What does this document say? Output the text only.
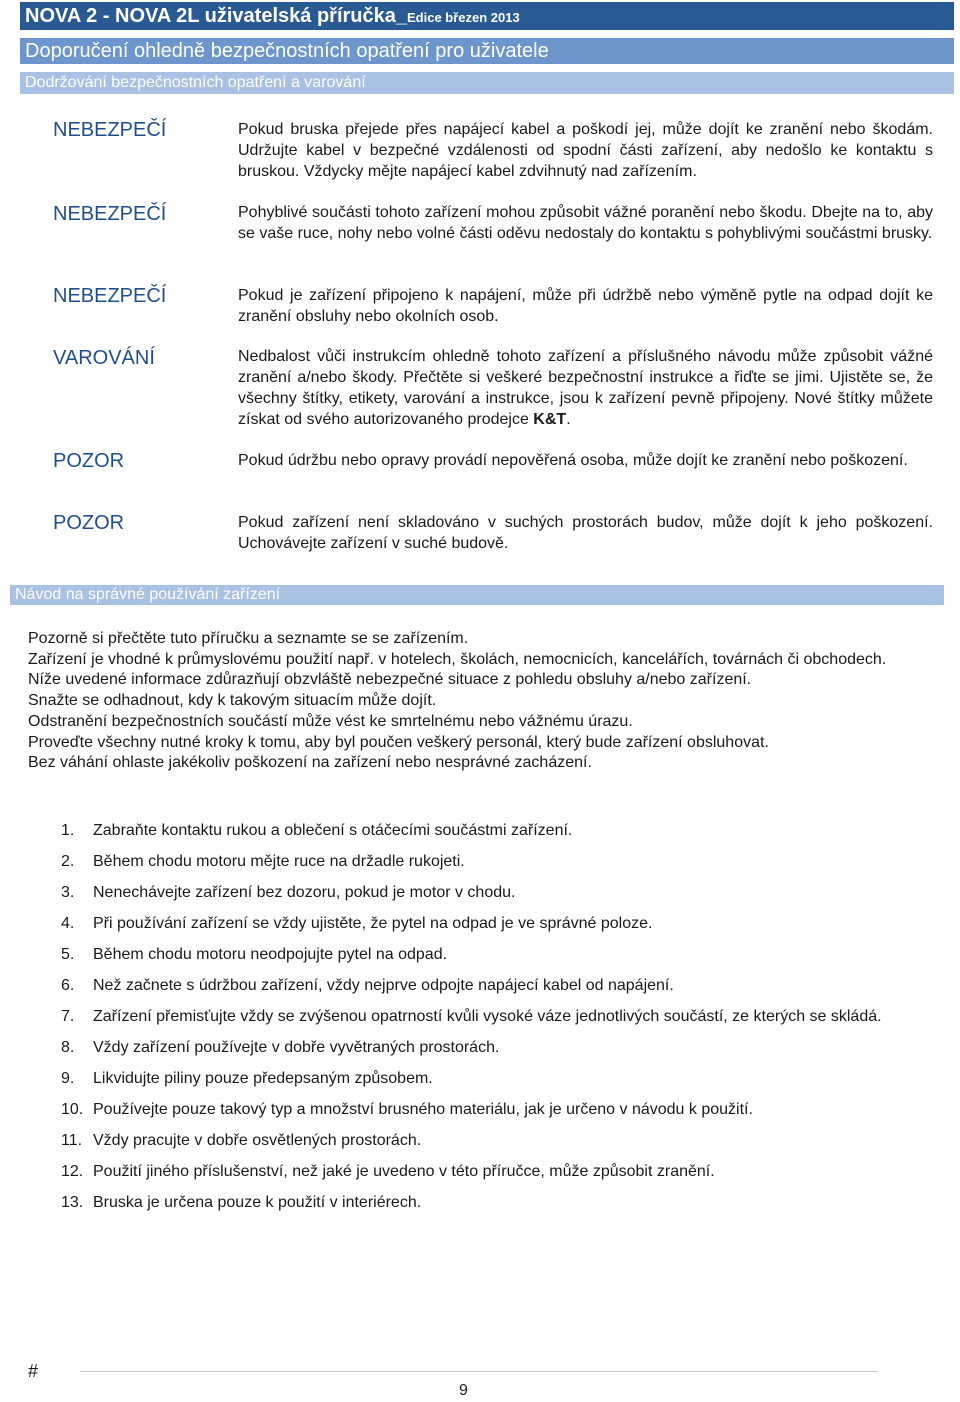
NOVA 2 - NOVA 2L uživatelská příručka_Edice březen 2013
Doporučení ohledně bezpečnostních opatření pro uživatele
Dodržování bezpečnostních opatření a varování
NEBEZPEČÍ	Pokud bruska přejede přes napájecí kabel a poškodí jej, může dojít ke zranění nebo škodám. Udržujte kabel v bezpečné vzdálenosti od spodní části zařízení, aby nedošlo ke kontaktu s bruskou. Vždycky mějte napájecí kabel zdvihnutý nad zařízením.
NEBEZPEČÍ	Pohyblivé součásti tohoto zařízení mohou způsobit vážné poranění nebo škodu. Dbejte na to, aby se vaše ruce, nohy nebo volné části oděvu nedostaly do kontaktu s pohyblivými součástmi brusky.
NEBEZPEČÍ	Pokud je zařízení připojeno k napájení, může při údržbě nebo výměně pytle na odpad dojít ke zranění obsluhy nebo okolních osob.
VAROVÁNÍ	Nedbalost vůči instrukcím ohledně tohoto zařízení a příslušného návodu může způsobit vážné zranění a/nebo škody. Přečtěte si veškeré bezpečnostní instrukce a řiďte se jimi. Ujistěte se, že všechny štítky, etikety, varování a instrukce, jsou k zařízení pevně připojeny. Nové štítky můžete získat od svého autorizovaného prodejce K&T.
POZOR	Pokud údržbu nebo opravy provádí nepověřená osoba, může dojít ke zranění nebo poškození.
POZOR	Pokud zařízení není skladováno v suchých prostorách budov, může dojít k jeho poškození. Uchovávejte zařízení v suché budově.
Návod na správné používání zařízení
Pozorně si přečtěte tuto příručku a seznamte se se zařízením.
Zařízení je vhodné k průmyslovému použití např. v hotelech, školách, nemocnicích, kancelářích, továrnách či obchodech.
Níže uvedené informace zdůrazňují obzvláště nebezpečné situace z pohledu obsluhy a/nebo zařízení.
Snažte se odhadnout, kdy k takovým situacím může dojít.
Odstranění bezpečnostních součástí může vést ke smrtelnému nebo vážnému úrazu.
Proveďte všechny nutné kroky k tomu, aby byl poučen veškerý personál, který bude zařízení obsluhovat.
Bez váhání ohlaste jakékoliv poškození na zařízení nebo nesprávné zacházení.
1. Zabraňte kontaktu rukou a oblečení s otáčecími součástmi zařízení.
2. Během chodu motoru mějte ruce na držadle rukojeti.
3. Nenechávejte zařízení bez dozoru, pokud je motor v chodu.
4. Při používání zařízení se vždy ujistěte, že pytel na odpad je ve správné poloze.
5. Během chodu motoru neodpojujte pytel na odpad.
6. Než začnete s údržbou zařízení, vždy nejprve odpojte napájecí kabel od napájení.
7. Zařízení přemisťujte vždy se zvýšenou opatrností kvůli vysoké váze jednotlivých součástí, ze kterých se skládá.
8. Vždy zařízení používejte v dobře vyvětraných prostorách.
9. Likvidujte piliny pouze předepsaným způsobem.
10. Používejte pouze takový typ a množství brusného materiálu, jak je určeno v návodu k použití.
11. Vždy pracujte v dobře osvětlených prostorách.
12. Použití jiného příslušenství, než jaké je uvedeno v této příručce, může způsobit zranění.
13. Bruska je určena pouze k použití v interiérech.
#
9
